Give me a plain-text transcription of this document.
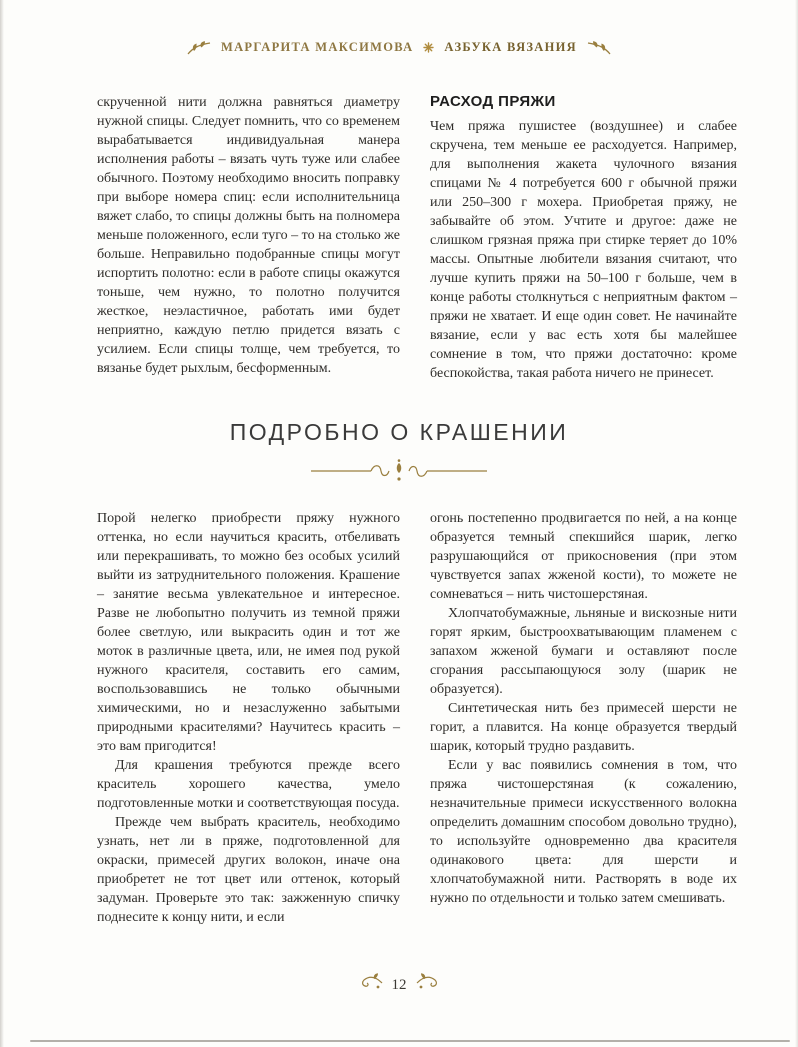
МАРГАРИТА МАКСИМОВА АЗБУКА ВЯЗАНИЯ

скрученной нити должна равняться диаметру нужной спицы. Следует помнить, что со временем вырабатывается индивидуальная манера исполнения работы – вязать чуть туже или слабее обычного. Поэтому необходимо вносить поправку при выборе номера спиц: если исполнительница вяжет слабо, то спицы должны быть на полномера меньше положенного, если туго – то на столько же больше. Неправильно подобранные спицы могут испортить полотно: если в работе спицы окажутся тоньше, чем нужно, то полотно получится жесткое, неэластичное, работать ими будет неприятно, каждую петлю придется вязать с усилием. Если спицы толще, чем требуется, то вязанье будет рыхлым, бесформенным.

РАСХОД ПРЯЖИ

Чем пряжа пушистее (воздушнее) и слабее скручена, тем меньше ее расходуется. Например, для выполнения жакета чулочного вязания спицами № 4 потребуется 600 г обычной пряжи или 250–300 г мохера. Приобретая пряжу, не забывайте об этом. Учтите и другое: даже не слишком грязная пряжа при стирке теряет до 10% массы. Опытные любители вязания считают, что лучше купить пряжи на 50–100 г больше, чем в конце работы столкнуться с неприятным фактом – пряжи не хватает. И еще один совет. Не начинайте вязание, если у вас есть хотя бы малейшее сомнение в том, что пряжи достаточно: кроме беспокойства, такая работа ничего не принесет.

ПОДРОБНО О КРАШЕНИИ

Порой нелегко приобрести пряжу нужного оттенка, но если научиться красить, отбеливать или перекрашивать, то можно без особых усилий выйти из затруднительного положения. Крашение – занятие весьма увлекательное и интересное. Разве не любопытно получить из темной пряжи более светлую, или выкрасить один и тот же моток в различные цвета, или, не имея под рукой нужного красителя, составить его самим, воспользовавшись не только обычными химическими, но и незаслуженно забытыми природными красителями? Научитесь красить – это вам пригодится!

Для крашения требуются прежде всего краситель хорошего качества, умело подготовленные мотки и соответствующая посуда.

Прежде чем выбрать краситель, необходимо узнать, нет ли в пряже, подготовленной для окраски, примесей других волокон, иначе она приобретет не тот цвет или оттенок, который задуман. Проверьте это так: зажженную спичку поднесите к концу нити, и если

огонь постепенно продвигается по ней, а на конце образуется темный спекшийся шарик, легко разрушающийся от прикосновения (при этом чувствуется запах жженой кости), то можете не сомневаться – нить чистошерстяная.

Хлопчатобумажные, льняные и вискозные нити горят ярким, быстроохватывающим пламенем с запахом жженой бумаги и оставляют после сгорания рассыпающуюся золу (шарик не образуется).

Синтетическая нить без примесей шерсти не горит, а плавится. На конце образуется твердый шарик, который трудно раздавить.

Если у вас появились сомнения в том, что пряжа чистошерстяная (к сожалению, незначительные примеси искусственного волокна определить домашним способом довольно трудно), то используйте одновременно два красителя одинакового цвета: для шерсти и хлопчатобумажной нити. Растворять в воде их нужно по отдельности и только затем смешивать.

12
